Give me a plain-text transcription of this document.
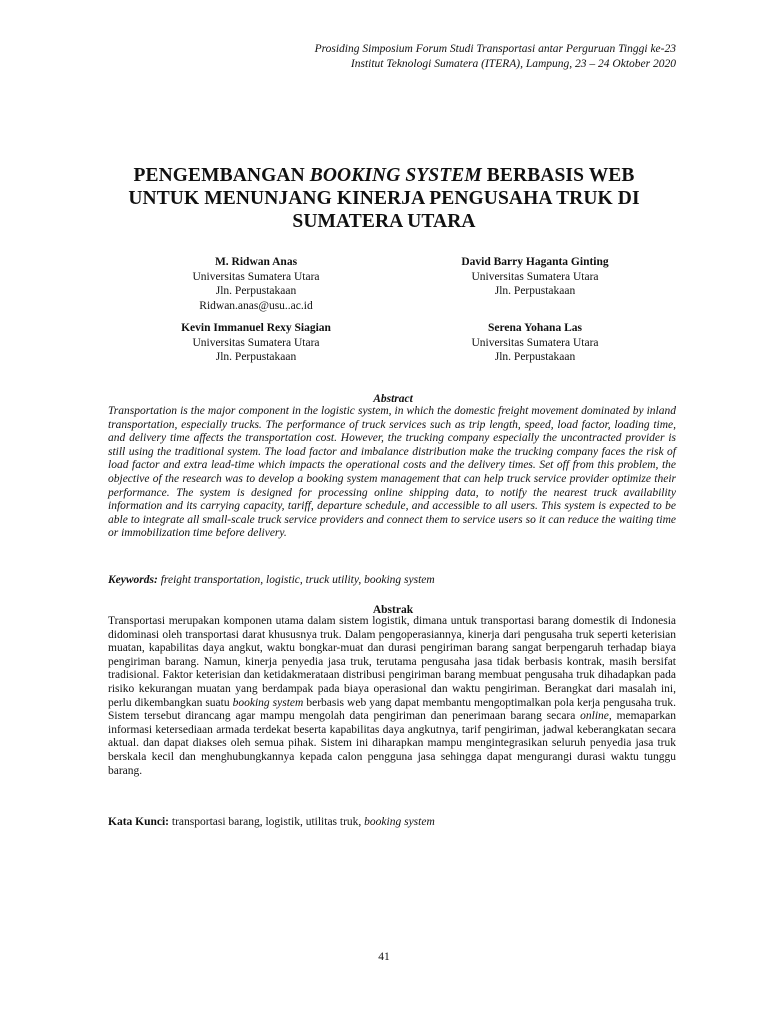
Prosiding Simposium Forum Studi Transportasi antar Perguruan Tinggi ke-23
Institut Teknologi Sumatera (ITERA), Lampung, 23 – 24 Oktober 2020
PENGEMBANGAN BOOKING SYSTEM BERBASIS WEB
UNTUK MENUNJANG KINERJA PENGUSAHA TRUK DI
SUMATERA UTARA
M. Ridwan Anas
Universitas Sumatera Utara
Jln. Perpustakaan
Ridwan.anas@usu..ac.id
David Barry Haganta Ginting
Universitas Sumatera Utara
Jln. Perpustakaan
Kevin Immanuel Rexy Siagian
Universitas Sumatera Utara
Jln. Perpustakaan
Serena Yohana Las
Universitas Sumatera Utara
Jln. Perpustakaan
Abstract
Transportation is the major component in the logistic system, in which the domestic freight movement dominated by inland transportation, especially trucks. The performance of truck services such as trip length, speed, load factor, loading time, and delivery time affects the transportation cost. However, the trucking company especially the uncontracted provider is still using the traditional system. The load factor and imbalance distribution make the trucking company faces the risk of load factor and extra lead-time which impacts the operational costs and the delivery times. Set off from this problem, the objective of the research was to develop a booking system management that can help truck service provider optimize their performance. The system is designed for processing online shipping data, to notify the nearest truck availability information and its carrying capacity, tariff, departure schedule, and accessible to all users. This system is expected to be able to integrate all small-scale truck service providers and connect them to service users so it can reduce the waiting time or immobilization time before delivery.
Keywords: freight transportation, logistic, truck utility, booking system
Abstrak
Transportasi merupakan komponen utama dalam sistem logistik, dimana untuk transportasi barang domestik di Indonesia didominasi oleh transportasi darat khususnya truk. Dalam pengoperasiannya, kinerja dari pengusaha truk seperti keterisian muatan, kapabilitas daya angkut, waktu bongkar-muat dan durasi pengiriman barang sangat berpengaruh terhadap biaya pengiriman barang. Namun, kinerja penyedia jasa truk, terutama pengusaha jasa tidak berbasis kontrak, masih bersifat tradisional. Faktor keterisian dan ketidakmerataan distribusi pengiriman barang membuat pengusaha truk dihadapkan pada risiko kekurangan muatan yang berdampak pada biaya operasional dan waktu pengiriman. Berangkat dari masalah ini, perlu dikembangkan suatu booking system berbasis web yang dapat membantu mengoptimalkan pola kerja pengusaha truk. Sistem tersebut dirancang agar mampu mengolah data pengiriman dan penerimaan barang secara online, memaparkan informasi ketersediaan armada terdekat beserta kapabilitas daya angkutnya, tarif pengiriman, jadwal keberangkatan secara aktual. dan dapat diakses oleh semua pihak. Sistem ini diharapkan mampu mengintegrasikan seluruh penyedia jasa truk berskala kecil dan menghubungkannya kepada calon pengguna jasa sehingga dapat mengurangi durasi waktu tunggu barang.
Kata Kunci: transportasi barang, logistik, utilitas truk, booking system
41
